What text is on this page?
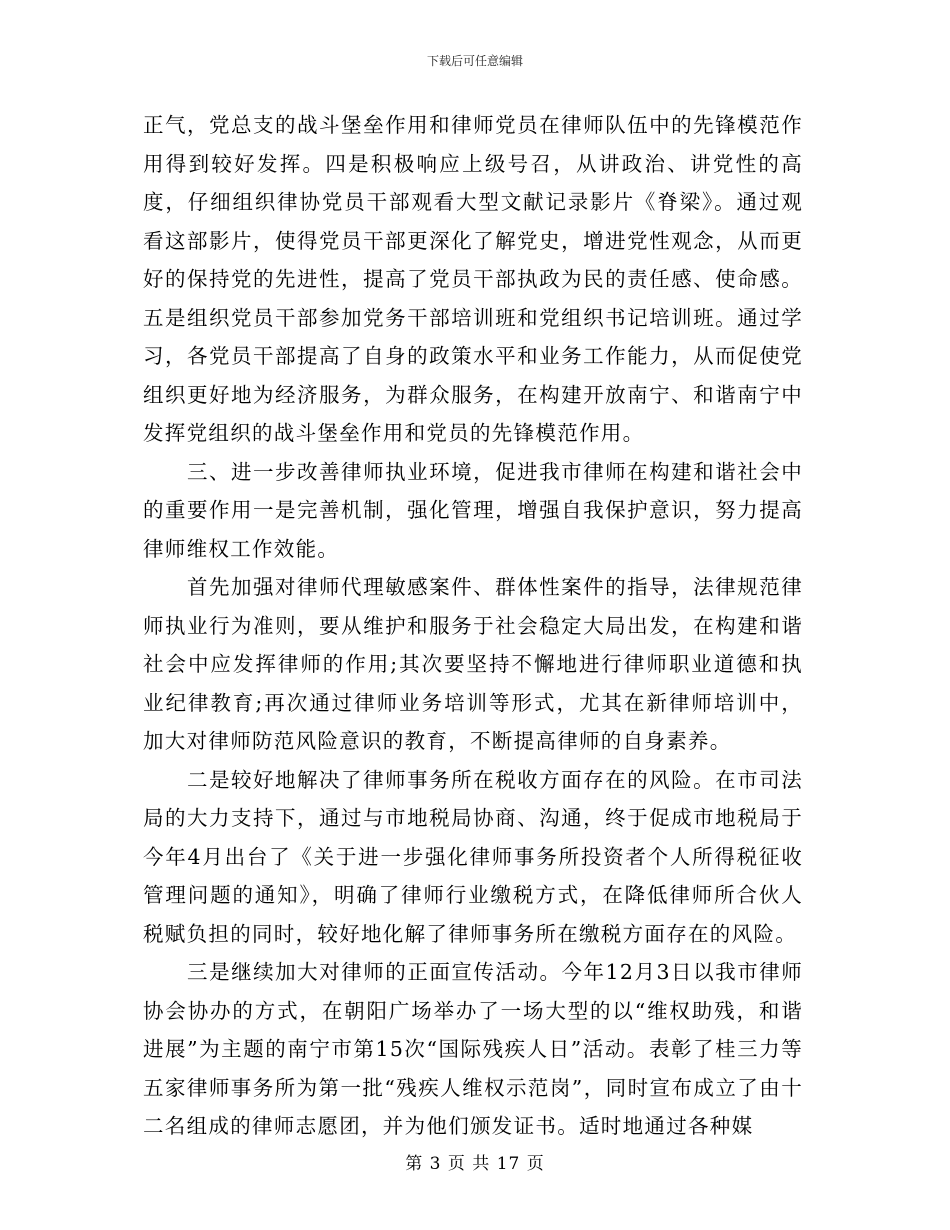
下载后可任意编辑

正气，党总支的战斗堡垒作用和律师党员在律师队伍中的先锋模范作用得到较好发挥。四是积极响应上级号召，从讲政治、讲党性的高度，仔细组织律协党员干部观看大型文献记录影片《脊梁》。通过观看这部影片，使得党员干部更深化了解党史，增进党性观念，从而更好的保持党的先进性，提高了党员干部执政为民的责任感、使命感。五是组织党员干部参加党务干部培训班和党组织书记培训班。通过学习，各党员干部提高了自身的政策水平和业务工作能力，从而促使党组织更好地为经济服务，为群众服务，在构建开放南宁、和谐南宁中发挥党组织的战斗堡垒作用和党员的先锋模范作用。

　　三、进一步改善律师执业环境，促进我市律师在构建和谐社会中的重要作用一是完善机制，强化管理，增强自我保护意识，努力提高律师维权工作效能。

　　首先加强对律师代理敏感案件、群体性案件的指导，法律规范律师执业行为准则，要从维护和服务于社会稳定大局出发，在构建和谐社会中应发挥律师的作用;其次要坚持不懈地进行律师职业道德和执业纪律教育;再次通过律师业务培训等形式，尤其在新律师培训中，加大对律师防范风险意识的教育，不断提高律师的自身素养。

　　二是较好地解决了律师事务所在税收方面存在的风险。在市司法局的大力支持下，通过与市地税局协商、沟通，终于促成市地税局于今年4月出台了《关于进一步强化律师事务所投资者个人所得税征收管理问题的通知》，明确了律师行业缴税方式，在降低律师所合伙人税赋负担的同时，较好地化解了律师事务所在缴税方面存在的风险。

　　三是继续加大对律师的正面宣传活动。今年12月3日以我市律师协会协办的方式，在朝阳广场举办了一场大型的以“维权助残，和谐进展”为主题的南宁市第15次“国际残疾人日”活动。表彰了桂三力等五家律师事务所为第一批“残疾人维权示范岗”，同时宣布成立了由十二名组成的律师志愿团，并为他们颁发证书。适时地通过各种媒

第 3 页 共 17 页
